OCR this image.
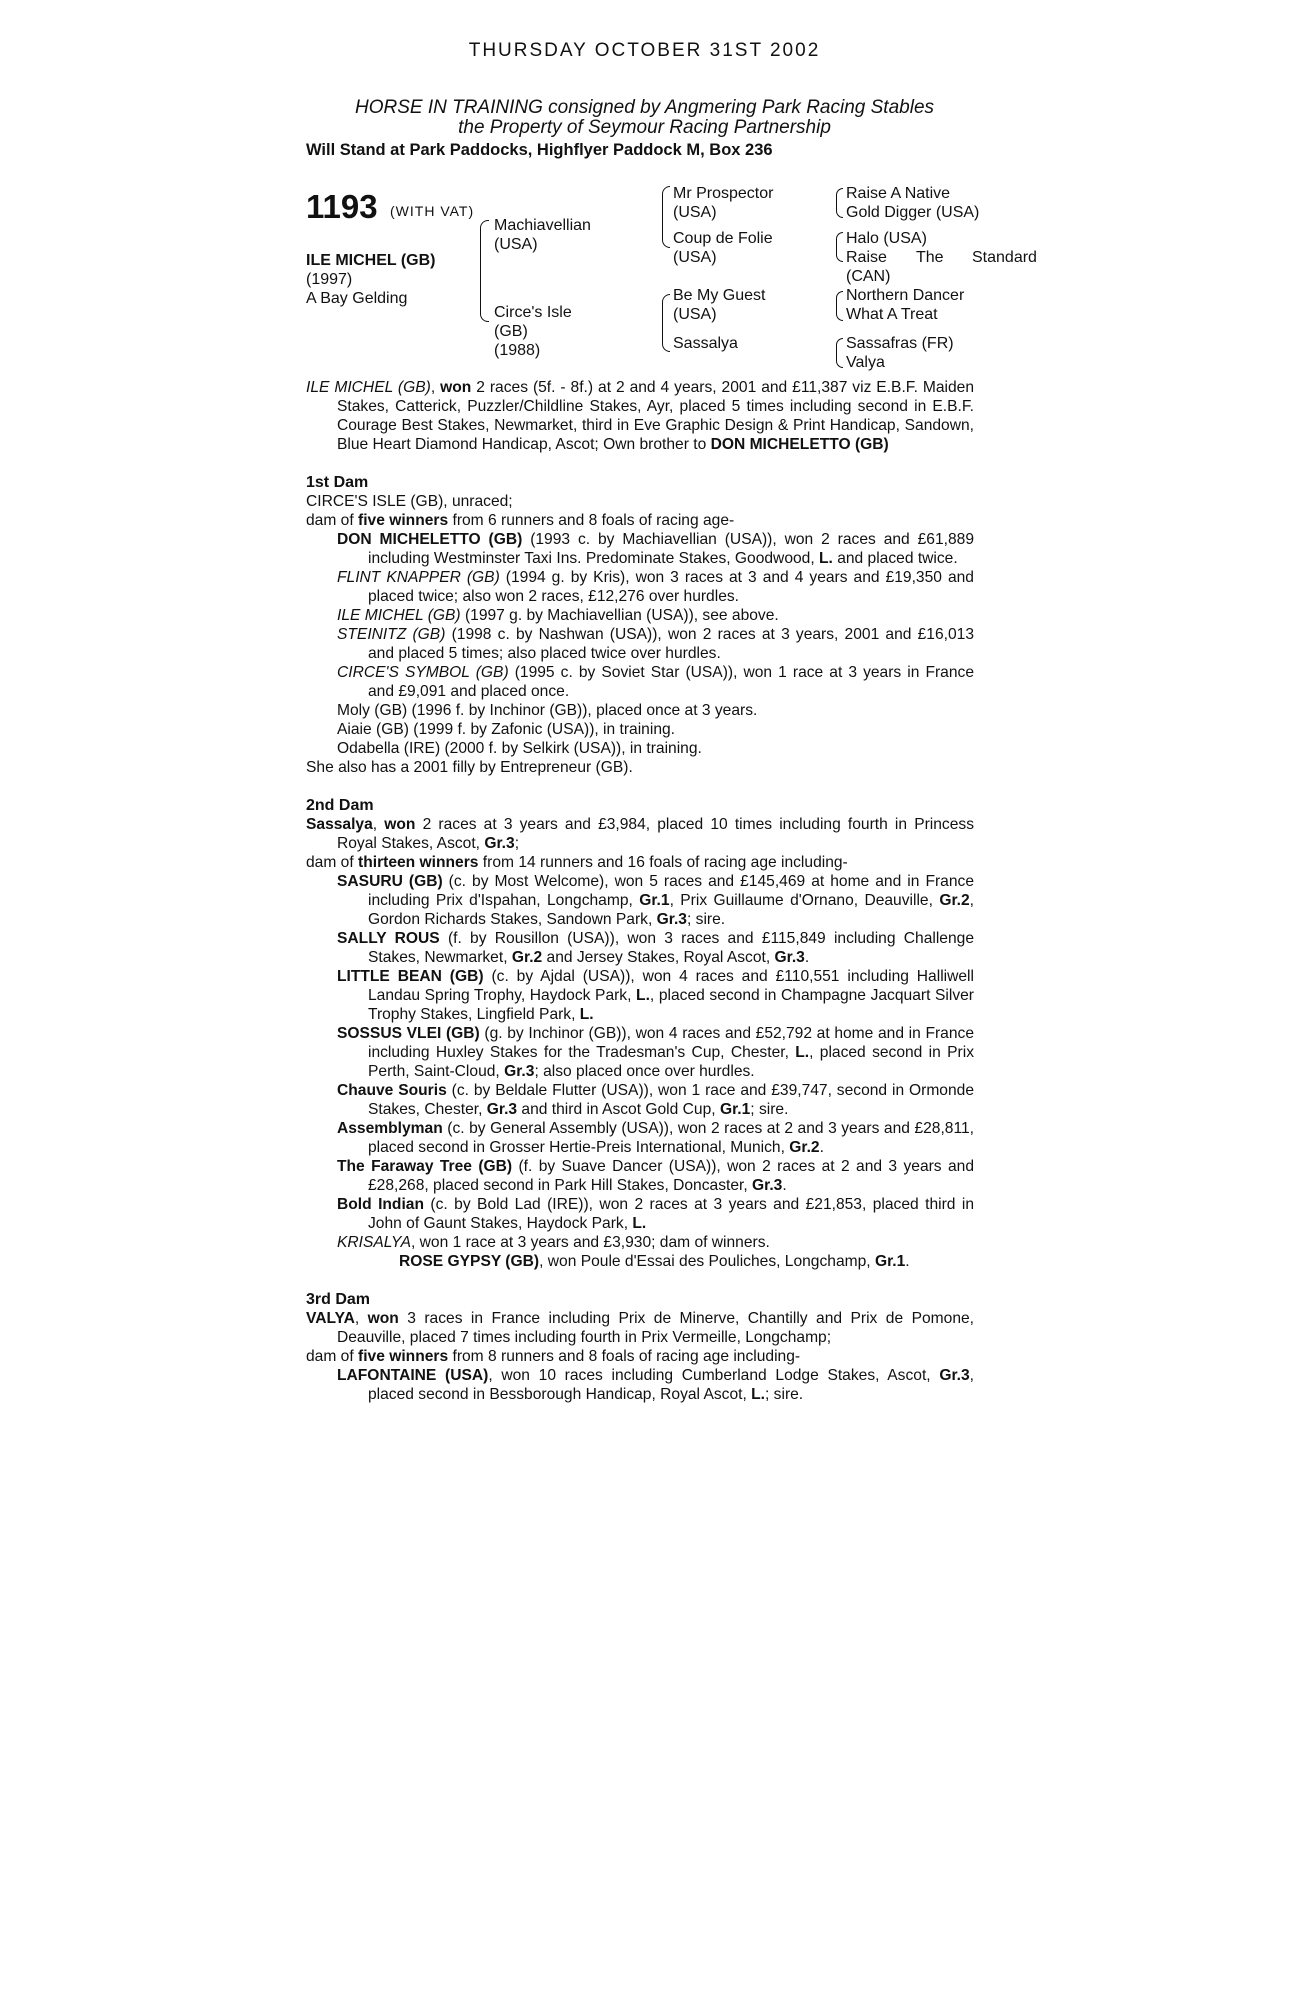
THURSDAY OCTOBER 31ST 2002
HORSE IN TRAINING consigned by Angmering Park Racing Stables
the Property of Seymour Racing Partnership
Will Stand at Park Paddocks, Highflyer Paddock M, Box 236
1193 (WITH VAT)
ILE MICHEL (GB)
(1997)
A Bay Gelding
Machiavellian
(USA)
Circe's Isle
(GB)
(1988)
Mr Prospector
(USA)
Coup de Folie
(USA)
Be My Guest
(USA)
Sassalya
Raise A Native
Gold Digger (USA)
Halo (USA)
Raise The Standard
(CAN)
Northern Dancer
What A Treat
Sassafras (FR)
Valya
ILE MICHEL (GB), won 2 races (5f. - 8f.) at 2 and 4 years, 2001 and £11,387 viz E.B.F. Maiden Stakes, Catterick, Puzzler/Childline Stakes, Ayr, placed 5 times including second in E.B.F. Courage Best Stakes, Newmarket, third in Eve Graphic Design & Print Handicap, Sandown, Blue Heart Diamond Handicap, Ascot; Own brother to DON MICHELETTO (GB)
1st Dam
CIRCE'S ISLE (GB), unraced;
dam of five winners from 6 runners and 8 foals of racing age-
DON MICHELETTO (GB) (1993 c. by Machiavellian (USA)), won 2 races and £61,889 including Westminster Taxi Ins. Predominate Stakes, Goodwood, L. and placed twice.
FLINT KNAPPER (GB) (1994 g. by Kris), won 3 races at 3 and 4 years and £19,350 and placed twice; also won 2 races, £12,276 over hurdles.
ILE MICHEL (GB) (1997 g. by Machiavellian (USA)), see above.
STEINITZ (GB) (1998 c. by Nashwan (USA)), won 2 races at 3 years, 2001 and £16,013 and placed 5 times; also placed twice over hurdles.
CIRCE'S SYMBOL (GB) (1995 c. by Soviet Star (USA)), won 1 race at 3 years in France and £9,091 and placed once.
Moly (GB) (1996 f. by Inchinor (GB)), placed once at 3 years.
Aiaie (GB) (1999 f. by Zafonic (USA)), in training.
Odabella (IRE) (2000 f. by Selkirk (USA)), in training.
She also has a 2001 filly by Entrepreneur (GB).
2nd Dam
Sassalya, won 2 races at 3 years and £3,984, placed 10 times including fourth in Princess Royal Stakes, Ascot, Gr.3;
dam of thirteen winners from 14 runners and 16 foals of racing age including-
SASURU (GB) (c. by Most Welcome), won 5 races and £145,469 at home and in France including Prix d'Ispahan, Longchamp, Gr.1, Prix Guillaume d'Ornano, Deauville, Gr.2, Gordon Richards Stakes, Sandown Park, Gr.3; sire.
SALLY ROUS (f. by Rousillon (USA)), won 3 races and £115,849 including Challenge Stakes, Newmarket, Gr.2 and Jersey Stakes, Royal Ascot, Gr.3.
LITTLE BEAN (GB) (c. by Ajdal (USA)), won 4 races and £110,551 including Halliwell Landau Spring Trophy, Haydock Park, L., placed second in Champagne Jacquart Silver Trophy Stakes, Lingfield Park, L.
SOSSUS VLEI (GB) (g. by Inchinor (GB)), won 4 races and £52,792 at home and in France including Huxley Stakes for the Tradesman's Cup, Chester, L., placed second in Prix Perth, Saint-Cloud, Gr.3; also placed once over hurdles.
Chauve Souris (c. by Beldale Flutter (USA)), won 1 race and £39,747, second in Ormonde Stakes, Chester, Gr.3 and third in Ascot Gold Cup, Gr.1; sire.
Assemblyman (c. by General Assembly (USA)), won 2 races at 2 and 3 years and £28,811, placed second in Grosser Hertie-Preis International, Munich, Gr.2.
The Faraway Tree (GB) (f. by Suave Dancer (USA)), won 2 races at 2 and 3 years and £28,268, placed second in Park Hill Stakes, Doncaster, Gr.3.
Bold Indian (c. by Bold Lad (IRE)), won 2 races at 3 years and £21,853, placed third in John of Gaunt Stakes, Haydock Park, L.
KRISALYA, won 1 race at 3 years and £3,930; dam of winners.
ROSE GYPSY (GB), won Poule d'Essai des Pouliches, Longchamp, Gr.1.
3rd Dam
VALYA, won 3 races in France including Prix de Minerve, Chantilly and Prix de Pomone, Deauville, placed 7 times including fourth in Prix Vermeille, Longchamp;
dam of five winners from 8 runners and 8 foals of racing age including-
LAFONTAINE (USA), won 10 races including Cumberland Lodge Stakes, Ascot, Gr.3, placed second in Bessborough Handicap, Royal Ascot, L.; sire.
